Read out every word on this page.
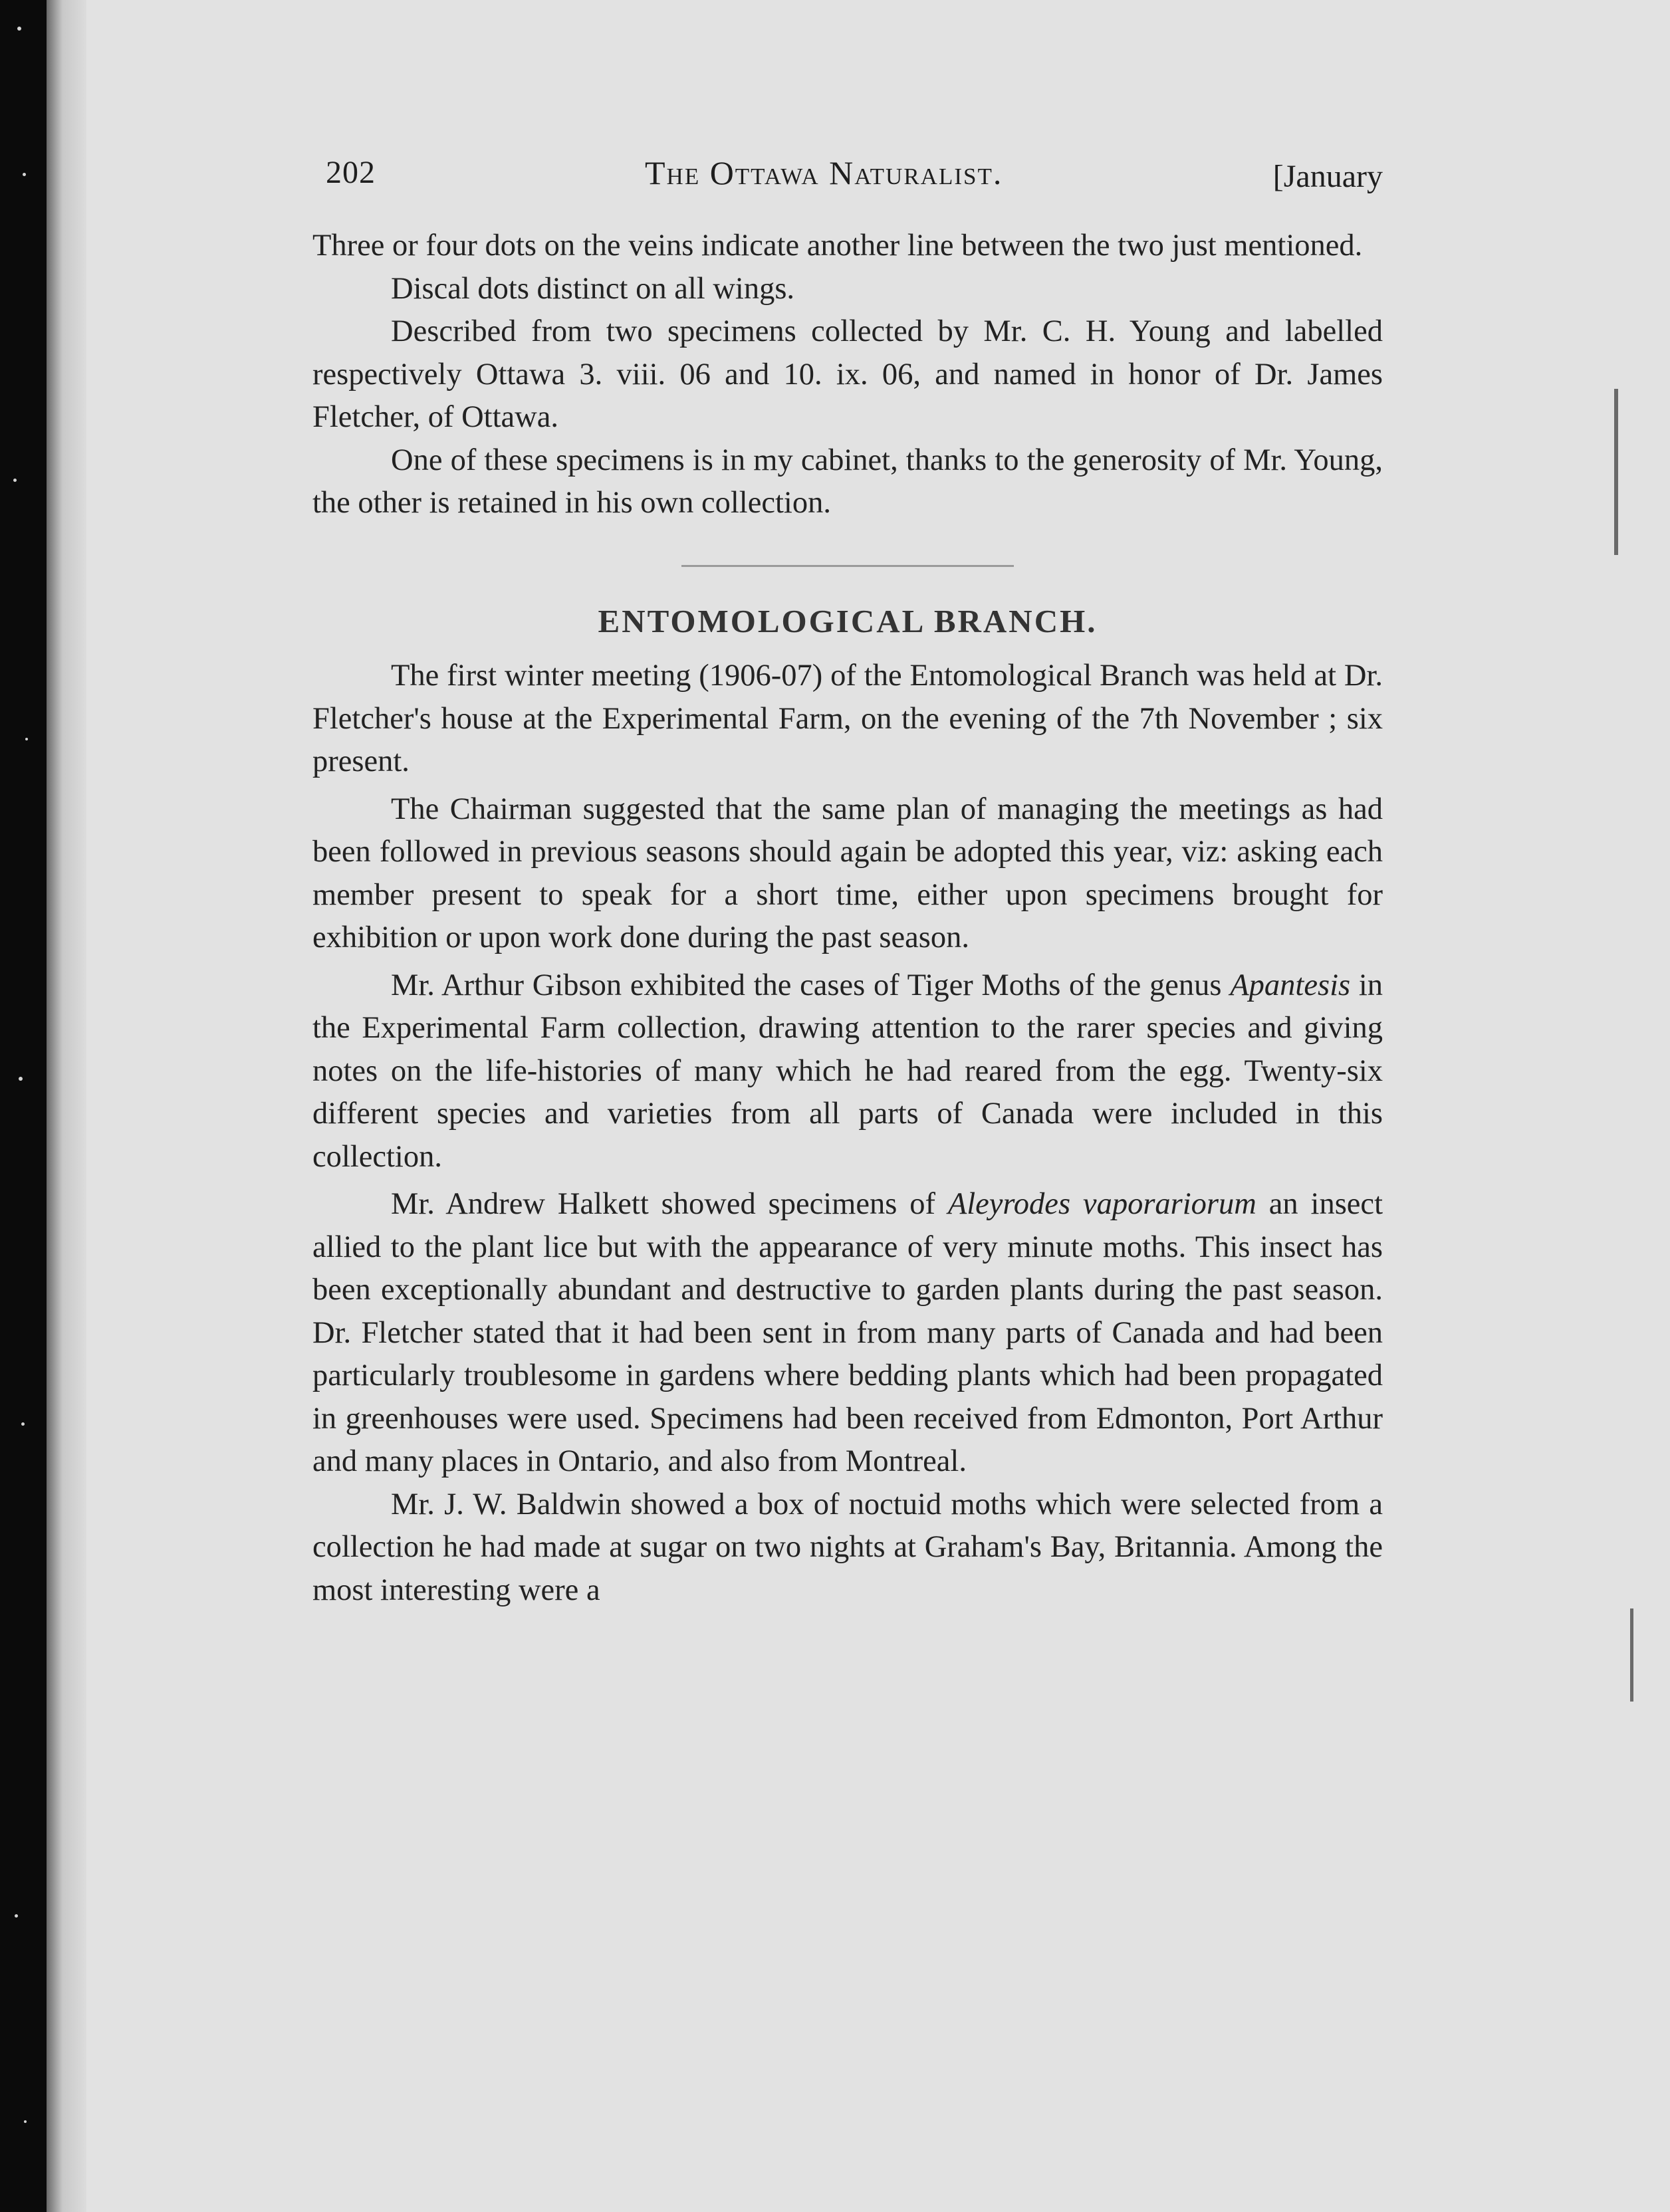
202	The Ottawa Naturalist.	[January

Three or four dots on the veins indicate another line between the two just mentioned.

Discal dots distinct on all wings.

Described from two specimens collected by Mr. C. H. Young and labelled respectively Ottawa 3. viii. 06 and 10. ix. 06, and named in honor of Dr. James Fletcher, of Ottawa.

One of these specimens is in my cabinet, thanks to the generosity of Mr. Young, the other is retained in his own collection.

ENTOMOLOGICAL BRANCH.

The first winter meeting (1906-07) of the Entomological Branch was held at Dr. Fletcher's house at the Experimental Farm, on the evening of the 7th November ; six present.

The Chairman suggested that the same plan of managing the meetings as had been followed in previous seasons should again be adopted this year, viz: asking each member present to speak for a short time, either upon specimens brought for exhibition or upon work done during the past season.

Mr. Arthur Gibson exhibited the cases of Tiger Moths of the genus Apantesis in the Experimental Farm collection, drawing attention to the rarer species and giving notes on the life-histories of many which he had reared from the egg. Twenty-six different species and varieties from all parts of Canada were included in this collection.

Mr. Andrew Halkett showed specimens of Aleyrodes vaporariorum an insect allied to the plant lice but with the appearance of very minute moths. This insect has been exceptionally abundant and destructive to garden plants during the past season. Dr. Fletcher stated that it had been sent in from many parts of Canada and had been particularly troublesome in gardens where bedding plants which had been propagated in greenhouses were used. Specimens had been received from Edmonton, Port Arthur and many places in Ontario, and also from Montreal.

Mr. J. W. Baldwin showed a box of noctuid moths which were selected from a collection he had made at sugar on two nights at Graham's Bay, Britannia. Among the most interesting were a
